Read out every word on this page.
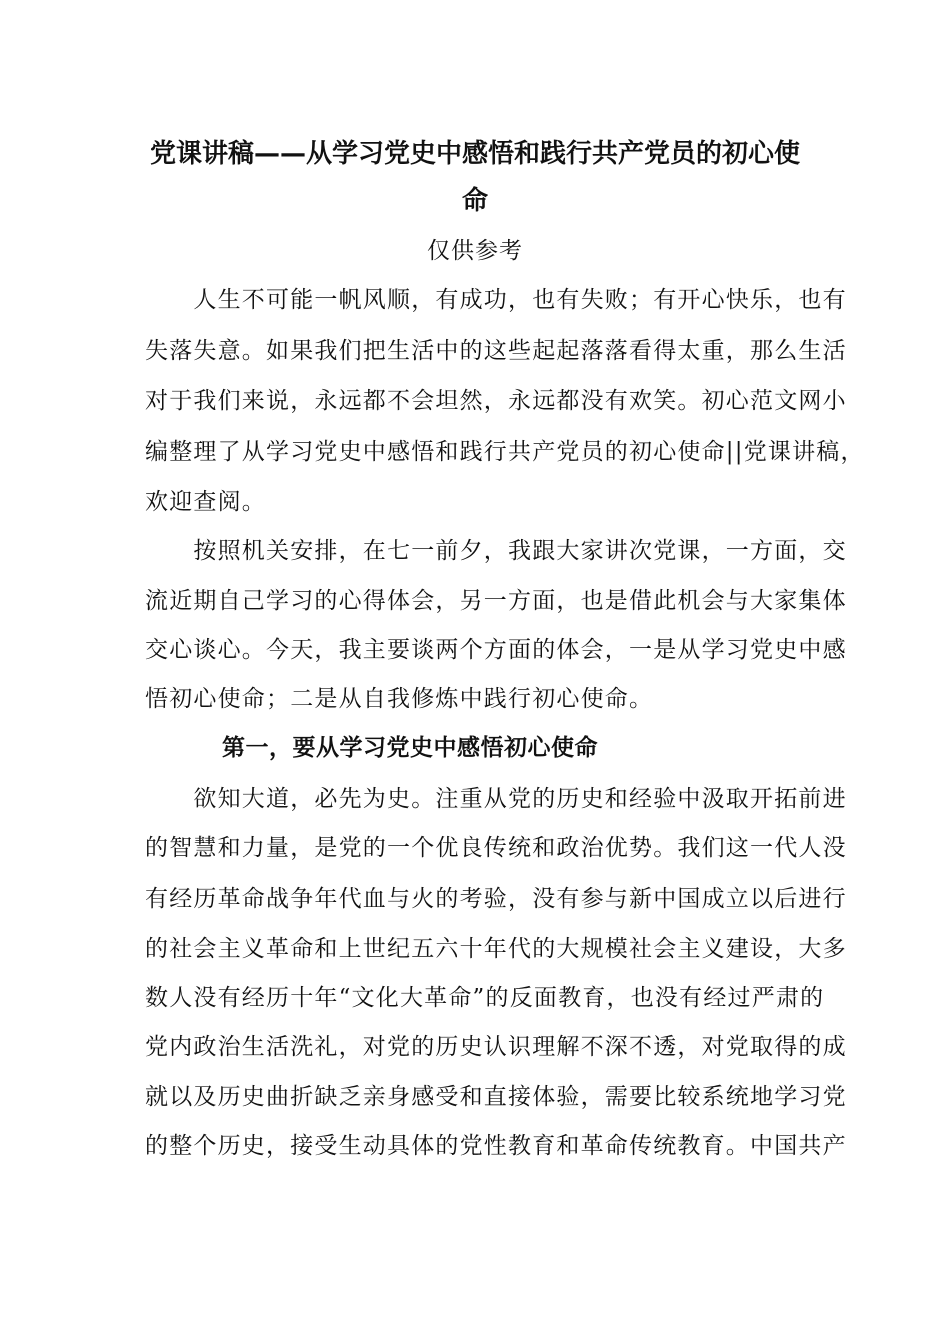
党课讲稿——从学习党史中感悟和践行共产党员的初心使
命
仅供参考
　　人生不可能一帆风顺，有成功，也有失败；有开心快乐，也有
失落失意。如果我们把生活中的这些起起落落看得太重，那么生活
对于我们来说，永远都不会坦然，永远都没有欢笑。初心范文网小
编整理了从学习党史中感悟和践行共产党员的初心使命||党课讲稿，
欢迎查阅。
　　按照机关安排，在七一前夕，我跟大家讲次党课，一方面，交
流近期自己学习的心得体会，另一方面，也是借此机会与大家集体
交心谈心。今天，我主要谈两个方面的体会，一是从学习党史中感
悟初心使命；二是从自我修炼中践行初心使命。
第一，要从学习党史中感悟初心使命
　　欲知大道，必先为史。注重从党的历史和经验中汲取开拓前进
的智慧和力量，是党的一个优良传统和政治优势。我们这一代人没
有经历革命战争年代血与火的考验，没有参与新中国成立以后进行
的社会主义革命和上世纪五六十年代的大规模社会主义建设，大多
数人没有经历十年“文化大革命”的反面教育，也没有经过严肃的
党内政治生活洗礼，对党的历史认识理解不深不透，对党取得的成
就以及历史曲折缺乏亲身感受和直接体验，需要比较系统地学习党
的整个历史，接受生动具体的党性教育和革命传统教育。中国共产
